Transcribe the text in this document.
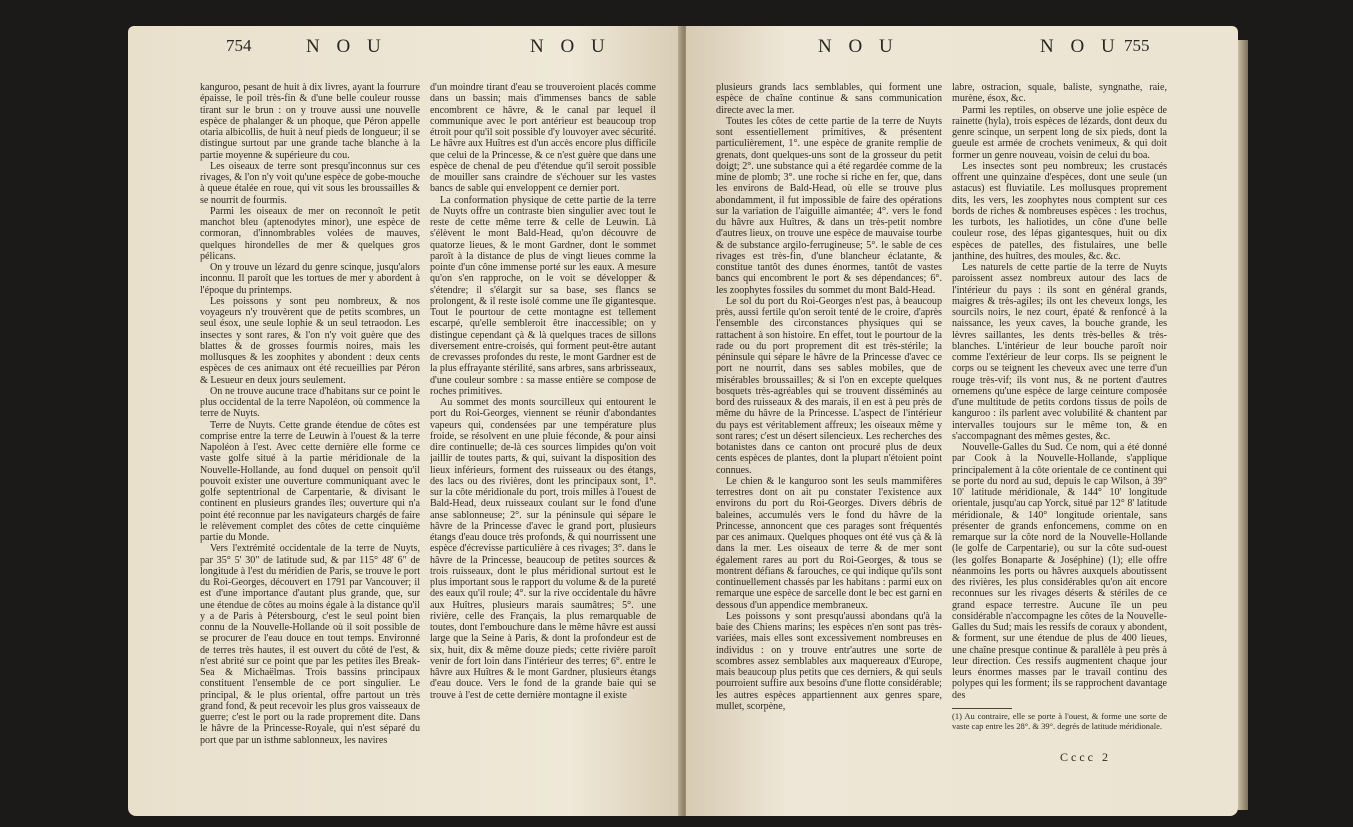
754	N O U	N O U	N O U	N O U 755

kanguroo, pesant de huit à dix livres, ayant la fourrure épaisse, le poil très-fin & d'une belle couleur rousse tirant sur le brun : on y trouve aussi une nouvelle espèce de phalanger & un phoque, que Péron appelle otaria albicollis, de huit à neuf pieds de longueur; il se distingue surtout par une grande tache blanche à la partie moyenne & supérieure du cou.

Les oiseaux de terre sont presqu'inconnus sur ces rivages, & l'on n'y voit qu'une espèce de gobe-mouche à queue étalée en roue, qui vit sous les broussailles & se nourrit de fourmis.

Parmi les oiseaux de mer on reconnoît le petit manchot bleu (aptenodytes minor), une espèce de cormoran, d'innombrables volées de mauves, quelques hirondelles de mer & quelques gros pélicans.

On y trouve un lézard du genre scinque, jusqu'alors inconnu. Il paroît que les tortues de mer y abordent à l'époque du printemps.

Les poissons y sont peu nombreux, & nos voyageurs n'y trouvèrent que de petits scombres, un seul ésox, une seule lophie & un seul tetraodon. Les insectes y sont rares, & l'on n'y voit guère que des blattes & de grosses fourmis noires, mais les mollusques & les zoophites y abondent : deux cents espèces de ces animaux ont été recueillies par Péron & Lesueur en deux jours seulement.

On ne trouve aucune trace d'habitans sur ce point le plus occidental de la terre Napoléon, où commence la terre de Nuyts.

Terre de Nuyts. Cette grande étendue de côtes est comprise entre la terre de Leuwin à l'ouest & la terre Napoléon à l'est. Avec cette dernière elle forme ce vaste golfe situé à la partie méridionale de la Nouvelle-Hollande, au fond duquel on pensoit qu'il pouvoit exister une ouverture communiquant avec le golfe septentrional de Carpentarie, & divisant le continent en plusieurs grandes îles; ouverture qui n'a point été reconnue par les navigateurs chargés de faire le relèvement complet des côtes de cette cinquième partie du Monde.

Vers l'extrémité occidentale de la terre de Nuyts, par 35° 5' 30" de latitude sud, & par 115° 48' 6" de longitude à l'est du méridien de Paris, se trouve le port du Roi-Georges, découvert en 1791 par Vancouver; il est d'une importance d'autant plus grande, que, sur une étendue de côtes au moins égale à la distance qu'il y a de Paris à Pétersbourg, c'est le seul point bien connu de la Nouvelle-Hollande où il soit possible de se procurer de l'eau douce en tout temps. Environné de terres très hautes, il est ouvert du côté de l'est, & n'est abrité sur ce point que par les petites îles Break-Sea & Michaëlmas. Trois bassins principaux constituent l'ensemble de ce port singulier. Le principal, & le plus oriental, offre partout un très grand fond, & peut recevoir les plus gros vaisseaux de guerre; c'est le port ou la rade proprement dite. Dans le hâvre de la Princesse-Royale, qui n'est séparé du port que par un isthme sablonneux, les navires

d'un moindre tirant d'eau se trouveroient placés comme dans un bassin; mais d'immenses bancs de sable encombrent ce hâvre, & le canal par lequel il communique avec le port antérieur est beaucoup trop étroit pour qu'il soit possible d'y louvoyer avec sécurité. Le hâvre aux Huîtres est d'un accès encore plus difficile que celui de la Princesse, & ce n'est guère que dans une espèce de chenal de peu d'étendue qu'il seroit possible de mouiller sans craindre de s'échouer sur les vastes bancs de sable qui enveloppent ce dernier port.

La conformation physique de cette partie de la terre de Nuyts offre un contraste bien singulier avec tout le reste de cette même terre & celle de Leuwin. Là s'élèvent le mont Bald-Head, qu'on découvre de quatorze lieues, & le mont Gardner, dont le sommet paroît à la distance de plus de vingt lieues comme la pointe d'un cône immense porté sur les eaux. A mesure qu'on s'en rapproche, on le voit se développer & s'étendre; il s'élargit sur sa base, ses flancs se prolongent, & il reste isolé comme une île gigantesque. Tout le pourtour de cette montagne est tellement escarpé, qu'elle sembleroit être inaccessible; on y distingue cependant çà & là quelques traces de sillons diversement entre-croisés, qui forment peut-être autant de crevasses profondes du reste, le mont Gardner est de la plus effrayante stérilité, sans arbres, sans arbrisseaux, d'une couleur sombre : sa masse entière se compose de roches primitives.

Au sommet des monts sourcilleux qui entourent le port du Roi-Georges, viennent se réunir d'abondantes vapeurs qui, condensées par une température plus froide, se résolvent en une pluie féconde, & pour ainsi dire continuelle; de-là ces sources limpides qu'on voit jaillir de toutes parts, & qui, suivant la disposition des lieux inférieurs, forment des ruisseaux ou des étangs, des lacs ou des rivières, dont les principaux sont, 1°. sur la côte méridionale du port, trois milles à l'ouest de Bald-Head, deux ruisseaux coulant sur le fond d'une anse sablonneuse; 2°. sur la péninsule qui sépare le hâvre de la Princesse d'avec le grand port, plusieurs étangs d'eau douce très profonds, & qui nourrissent une espèce d'écrevisse particulière à ces rivages; 3°. dans le hâvre de la Princesse, beaucoup de petites sources & trois ruisseaux, dont le plus méridional surtout est le plus important sous le rapport du volume & de la pureté des eaux qu'il roule; 4°. sur la rive occidentale du hâvre aux Huîtres, plusieurs marais saumâtres; 5°. une rivière, celle des Français, la plus remarquable de toutes, dont l'embouchure dans le même hâvre est aussi large que la Seine à Paris, & dont la profondeur est de six, huit, dix & même douze pieds; cette rivière paroît venir de fort loin dans l'intérieur des terres; 6°. entre le hâvre aux Huîtres & le mont Gardner, plusieurs étangs d'eau douce. Vers le fond de la grande baie qui se trouve à l'est de cette dernière montagne il existe

plusieurs grands lacs semblables, qui forment une espèce de chaîne continue & sans communication directe avec la mer.

Toutes les côtes de cette partie de la terre de Nuyts sont essentiellement primitives, & présentent particulièrement, 1°. une espèce de granite remplie de grenats, dont quelques-uns sont de la grosseur du petit doigt; 2°. une substance qui a été regardée comme de la mine de plomb; 3°. une roche si riche en fer, que, dans les environs de Bald-Head, où elle se trouve plus abondamment, il fut impossible de faire des opérations sur la variation de l'aiguille aimantée; 4°. vers le fond du hâvre aux Huîtres, & dans un très-petit nombre d'autres lieux, on trouve une espèce de mauvaise tourbe & de substance argilo-ferrugineuse; 5°. le sable de ces rivages est très-fin, d'une blancheur éclatante, & constitue tantôt des dunes énormes, tantôt de vastes bancs qui encombrent le port & ses dépendances; 6°. les zoophytes fossiles du sommet du mont Bald-Head.

Le sol du port du Roi-Georges n'est pas, à beaucoup près, aussi fertile qu'on seroit tenté de le croire, d'après l'ensemble des circonstances physiques qui se rattachent à son histoire. En effet, tout le pourtour de la rade ou du port proprement dit est très-stérile; la péninsule qui sépare le hâvre de la Princesse d'avec ce port ne nourrit, dans ses sables mobiles, que de misérables broussailles; & si l'on en excepte quelques bosquets très-agréables qui se trouvent disséminés au bord des ruisseaux & des marais, il en est à peu près de même du hâvre de la Princesse. L'aspect de l'intérieur du pays est véritablement affreux; les oiseaux même y sont rares; c'est un désert silencieux. Les recherches des botanistes dans ce canton ont procuré plus de deux cents espèces de plantes, dont la plupart n'étoient point connues.

Le chien & le kanguroo sont les seuls mammifères terrestres dont on ait pu constater l'existence aux environs du port du Roi-Georges. Divers débris de baleines, accumulés vers le fond du hâvre de la Princesse, annoncent que ces parages sont fréquentés par ces animaux. Quelques phoques ont été vus çà & là dans la mer. Les oiseaux de terre & de mer sont également rares au port du Roi-Georges, & tous se montrent défians & farouches, ce qui indique qu'ils sont continuellement chassés par les habitans : parmi eux on remarque une espèce de sarcelle dont le bec est garni en dessous d'un appendice membraneux.

Les poissons y sont presqu'aussi abondans qu'à la baie des Chiens marins; les espèces n'en sont pas très-variées, mais elles sont excessivement nombreuses en individus : on y trouve entr'autres une sorte de scombres assez semblables aux maquereaux d'Europe, mais beaucoup plus petits que ces derniers, & qui seuls pourroient suffire aux besoins d'une flotte considérable; les autres espèces appartiennent aux genres spare, mullet, scorpène,

labre, ostracion, squale, baliste, syngnathe, raie, murène, ésox, &c.

Parmi les reptiles, on observe une jolie espèce de rainette (hyla), trois espèces de lézards, dont deux du genre scinque, un serpent long de six pieds, dont la gueule est armée de crochets venimeux, & qui doit former un genre nouveau, voisin de celui du boa.

Les insectes sont peu nombreux; les crustacés offrent une quinzaine d'espèces, dont une seule (un astacus) est fluviatile. Les mollusques proprement dits, les vers, les zoophytes nous comptent sur ces bords de riches & nombreuses espèces : les trochus, les turbots, les haliotides, un cône d'une belle couleur rose, des lépas gigantesques, huit ou dix espèces de patelles, des fistulaires, une belle janthine, des huîtres, des moules, &c. &c.

Les naturels de cette partie de la terre de Nuyts paroissent assez nombreux autour des lacs de l'intérieur du pays : ils sont en général grands, maigres & très-agiles; ils ont les cheveux longs, les sourcils noirs, le nez court, épaté & renfoncé à la naissance, les yeux caves, la bouche grande, les lèvres saillantes, les dents très-belles & très-blanches. L'intérieur de leur bouche paroît noir comme l'extérieur de leur corps. Ils se peignent le corps ou se teignent les cheveux avec une terre d'un rouge très-vif; ils vont nus, & ne portent d'autres ornemens qu'une espèce de large ceinture composée d'une multitude de petits cordons tissus de poils de kanguroo : ils parlent avec volubilité & chantent par intervalles toujours sur le même ton, & en s'accompagnant des mêmes gestes, &c.

Nouvelle-Galles du Sud. Ce nom, qui a été donné par Cook à la Nouvelle-Hollande, s'applique principalement à la côte orientale de ce continent qui se porte du nord au sud, depuis le cap Wilson, à 39° 10' latitude méridionale, & 144° 10' longitude orientale, jusqu'au cap Yorck, situé par 12° 8' latitude méridionale, & 140° longitude orientale, sans présenter de grands enfoncemens, comme on en remarque sur la côte nord de la Nouvelle-Hollande (le golfe de Carpentarie), ou sur la côte sud-ouest (les golfes Bonaparte & Joséphine) (1); elle offre néanmoins les ports ou hâvres auxquels aboutissent des rivières, les plus considérables qu'on ait encore reconnues sur les rivages déserts & stériles de ce grand espace terrestre. Aucune île un peu considérable n'accompagne les côtes de la Nouvelle-Galles du Sud; mais les ressifs de coraux y abondent, & forment, sur une étendue de plus de 400 lieues, une chaîne presque continue & parallèle à peu près à leur direction. Ces ressifs augmentent chaque jour leurs énormes masses par le travail continu des polypes qui les forment; ils se rapprochent davantage des

(1) Au contraire, elle se porte à l'ouest, & forme une sorte de vaste cap entre les 28°. & 39°. degrés de latitude méridionale.
Cccc 2
